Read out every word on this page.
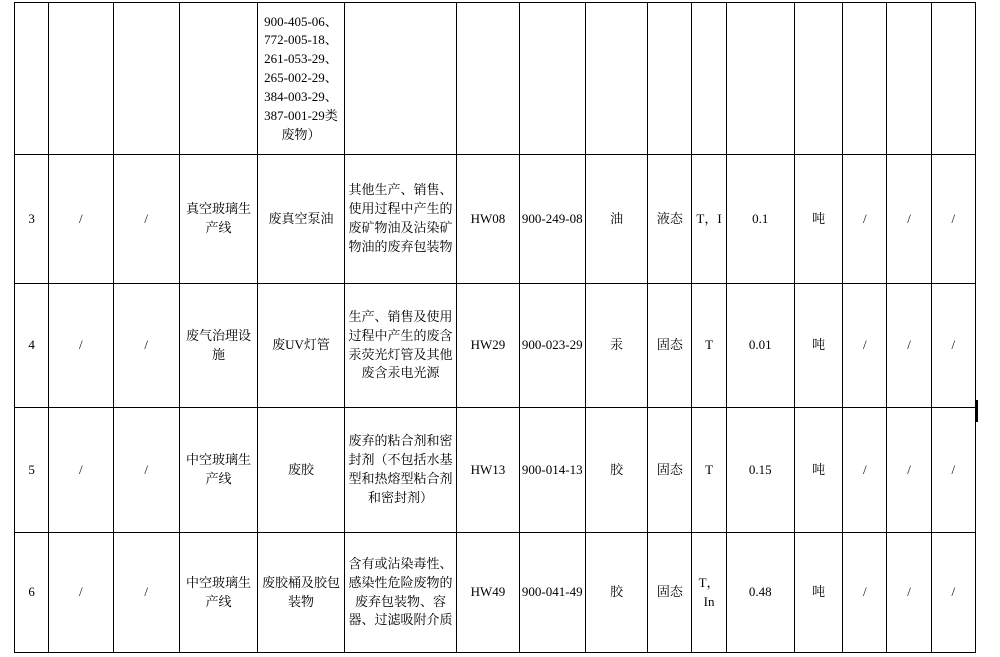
				900-405-06、772-005-18、261-053-29、265-002-29、384-003-29、387-001-29类废物）											
3	/	/	真空玻璃生产线	废真空泵油	其他生产、销售、使用过程中产生的废矿物油及沾染矿物油的废弃包装物	HW08	900-249-08	油	液态	T，I	0.1	吨	/	/	/
4	/	/	废气治理设施	废UV灯管	生产、销售及使用过程中产生的废含汞荧光灯管及其他废含汞电光源	HW29	900-023-29	汞	固态	T	0.01	吨	/	/	/
5	/	/	中空玻璃生产线	废胶	废弃的粘合剂和密封剂（不包括水基型和热熔型粘合剂和密封剂）	HW13	900-014-13	胶	固态	T	0.15	吨	/	/	/
6	/	/	中空玻璃生产线	废胶桶及胶包装物	含有或沾染毒性、感染性危险废物的废弃包装物、容器、过滤吸附介质	HW49	900-041-49	胶	固态	T，In	0.48	吨	/	/	/
